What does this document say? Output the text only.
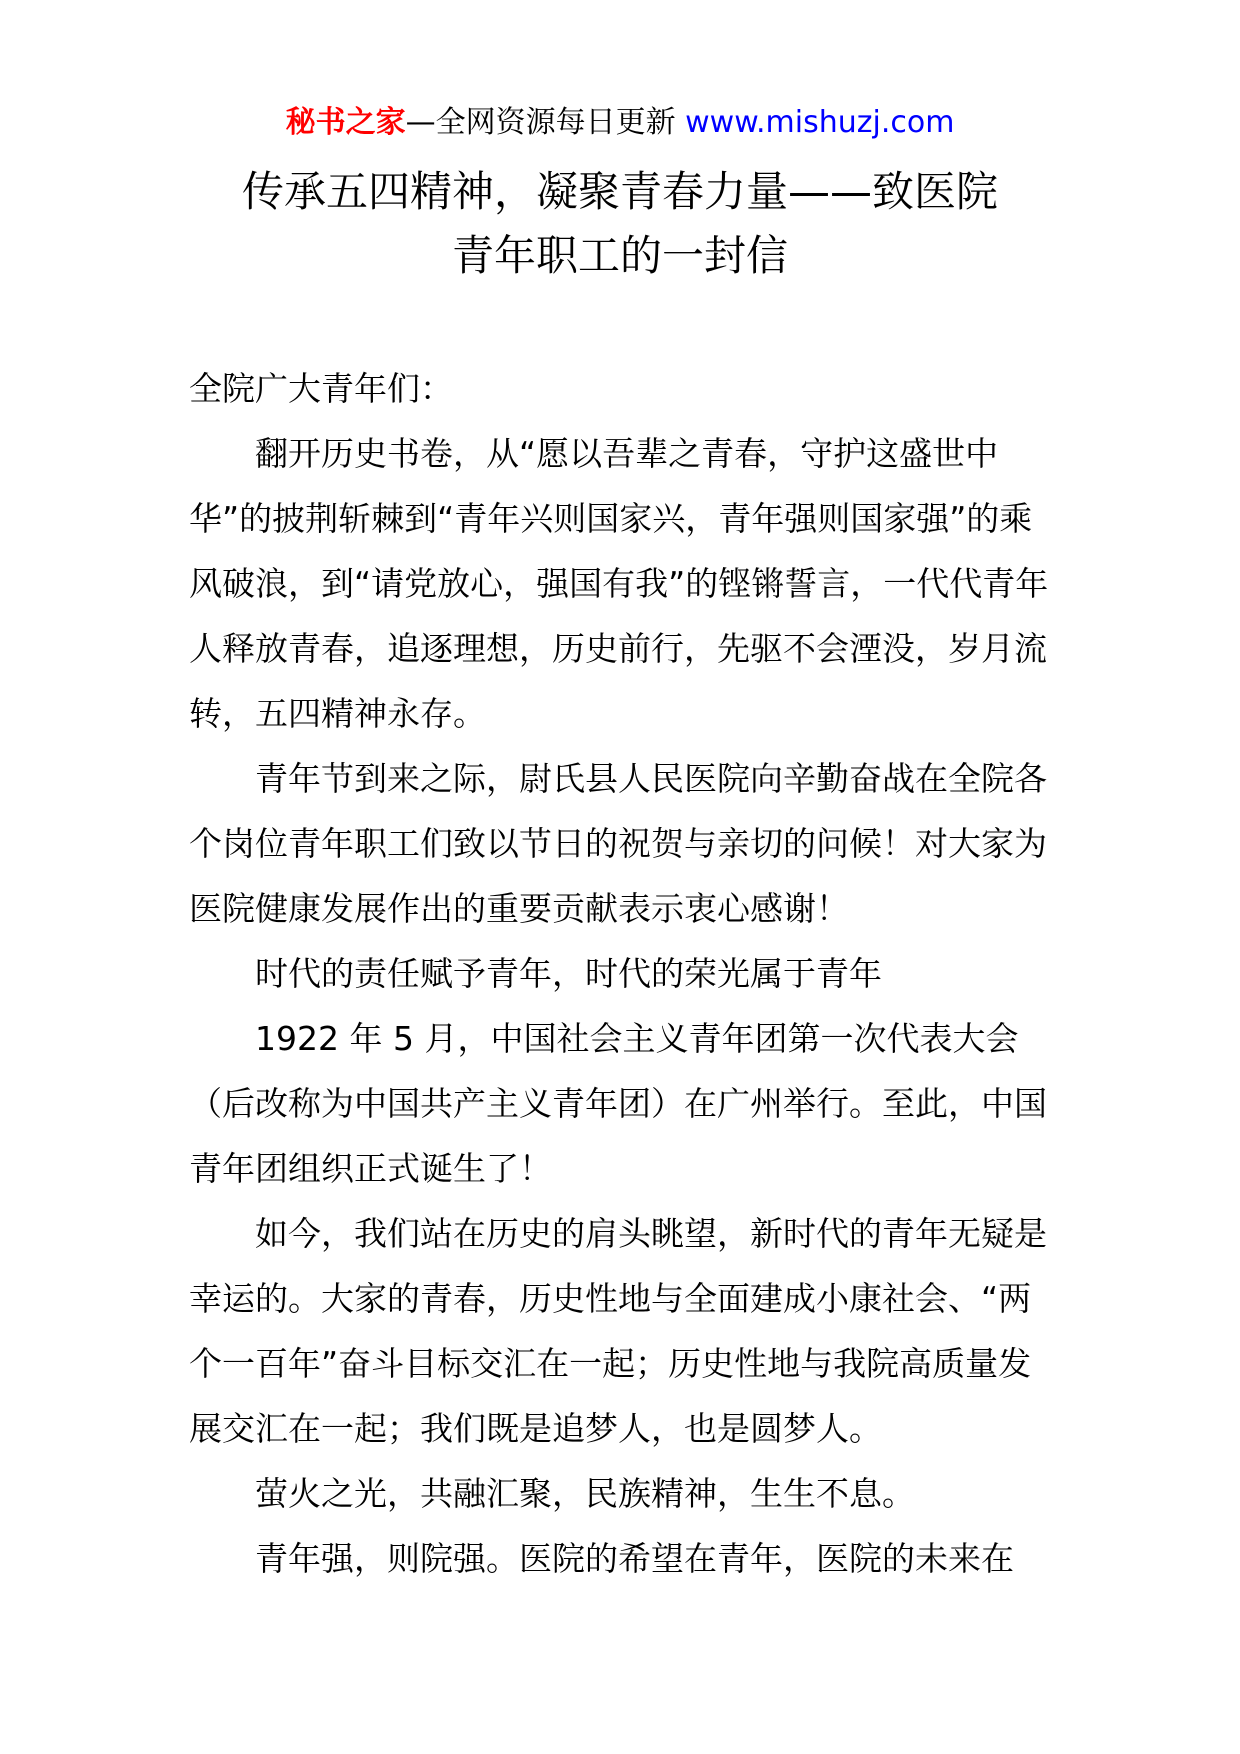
秘书之家—全网资源每日更新 www.mishuzj.com
传承五四精神，凝聚青春力量——致医院
青年职工的一封信

全院广大青年们：

翻开历史书卷，从“愿以吾辈之青春，守护这盛世中华”的披荆斩棘到“青年兴则国家兴，青年强则国家强”的乘风破浪，到“请党放心，强国有我”的铿锵誓言，一代代青年人释放青春，追逐理想，历史前行，先驱不会湮没，岁月流转，五四精神永存。

青年节到来之际，尉氏县人民医院向辛勤奋战在全院各个岗位青年职工们致以节日的祝贺与亲切的问候！对大家为医院健康发展作出的重要贡献表示衷心感谢！

时代的责任赋予青年，时代的荣光属于青年

1922 年 5 月，中国社会主义青年团第一次代表大会（后改称为中国共产主义青年团）在广州举行。至此，中国青年团组织正式诞生了！

如今，我们站在历史的肩头眺望，新时代的青年无疑是幸运的。大家的青春，历史性地与全面建成小康社会、“两个一百年”奋斗目标交汇在一起；历史性地与我院高质量发展交汇在一起；我们既是追梦人，也是圆梦人。

萤火之光，共融汇聚，民族精神，生生不息。

青年强，则院强。医院的希望在青年，医院的未来在
